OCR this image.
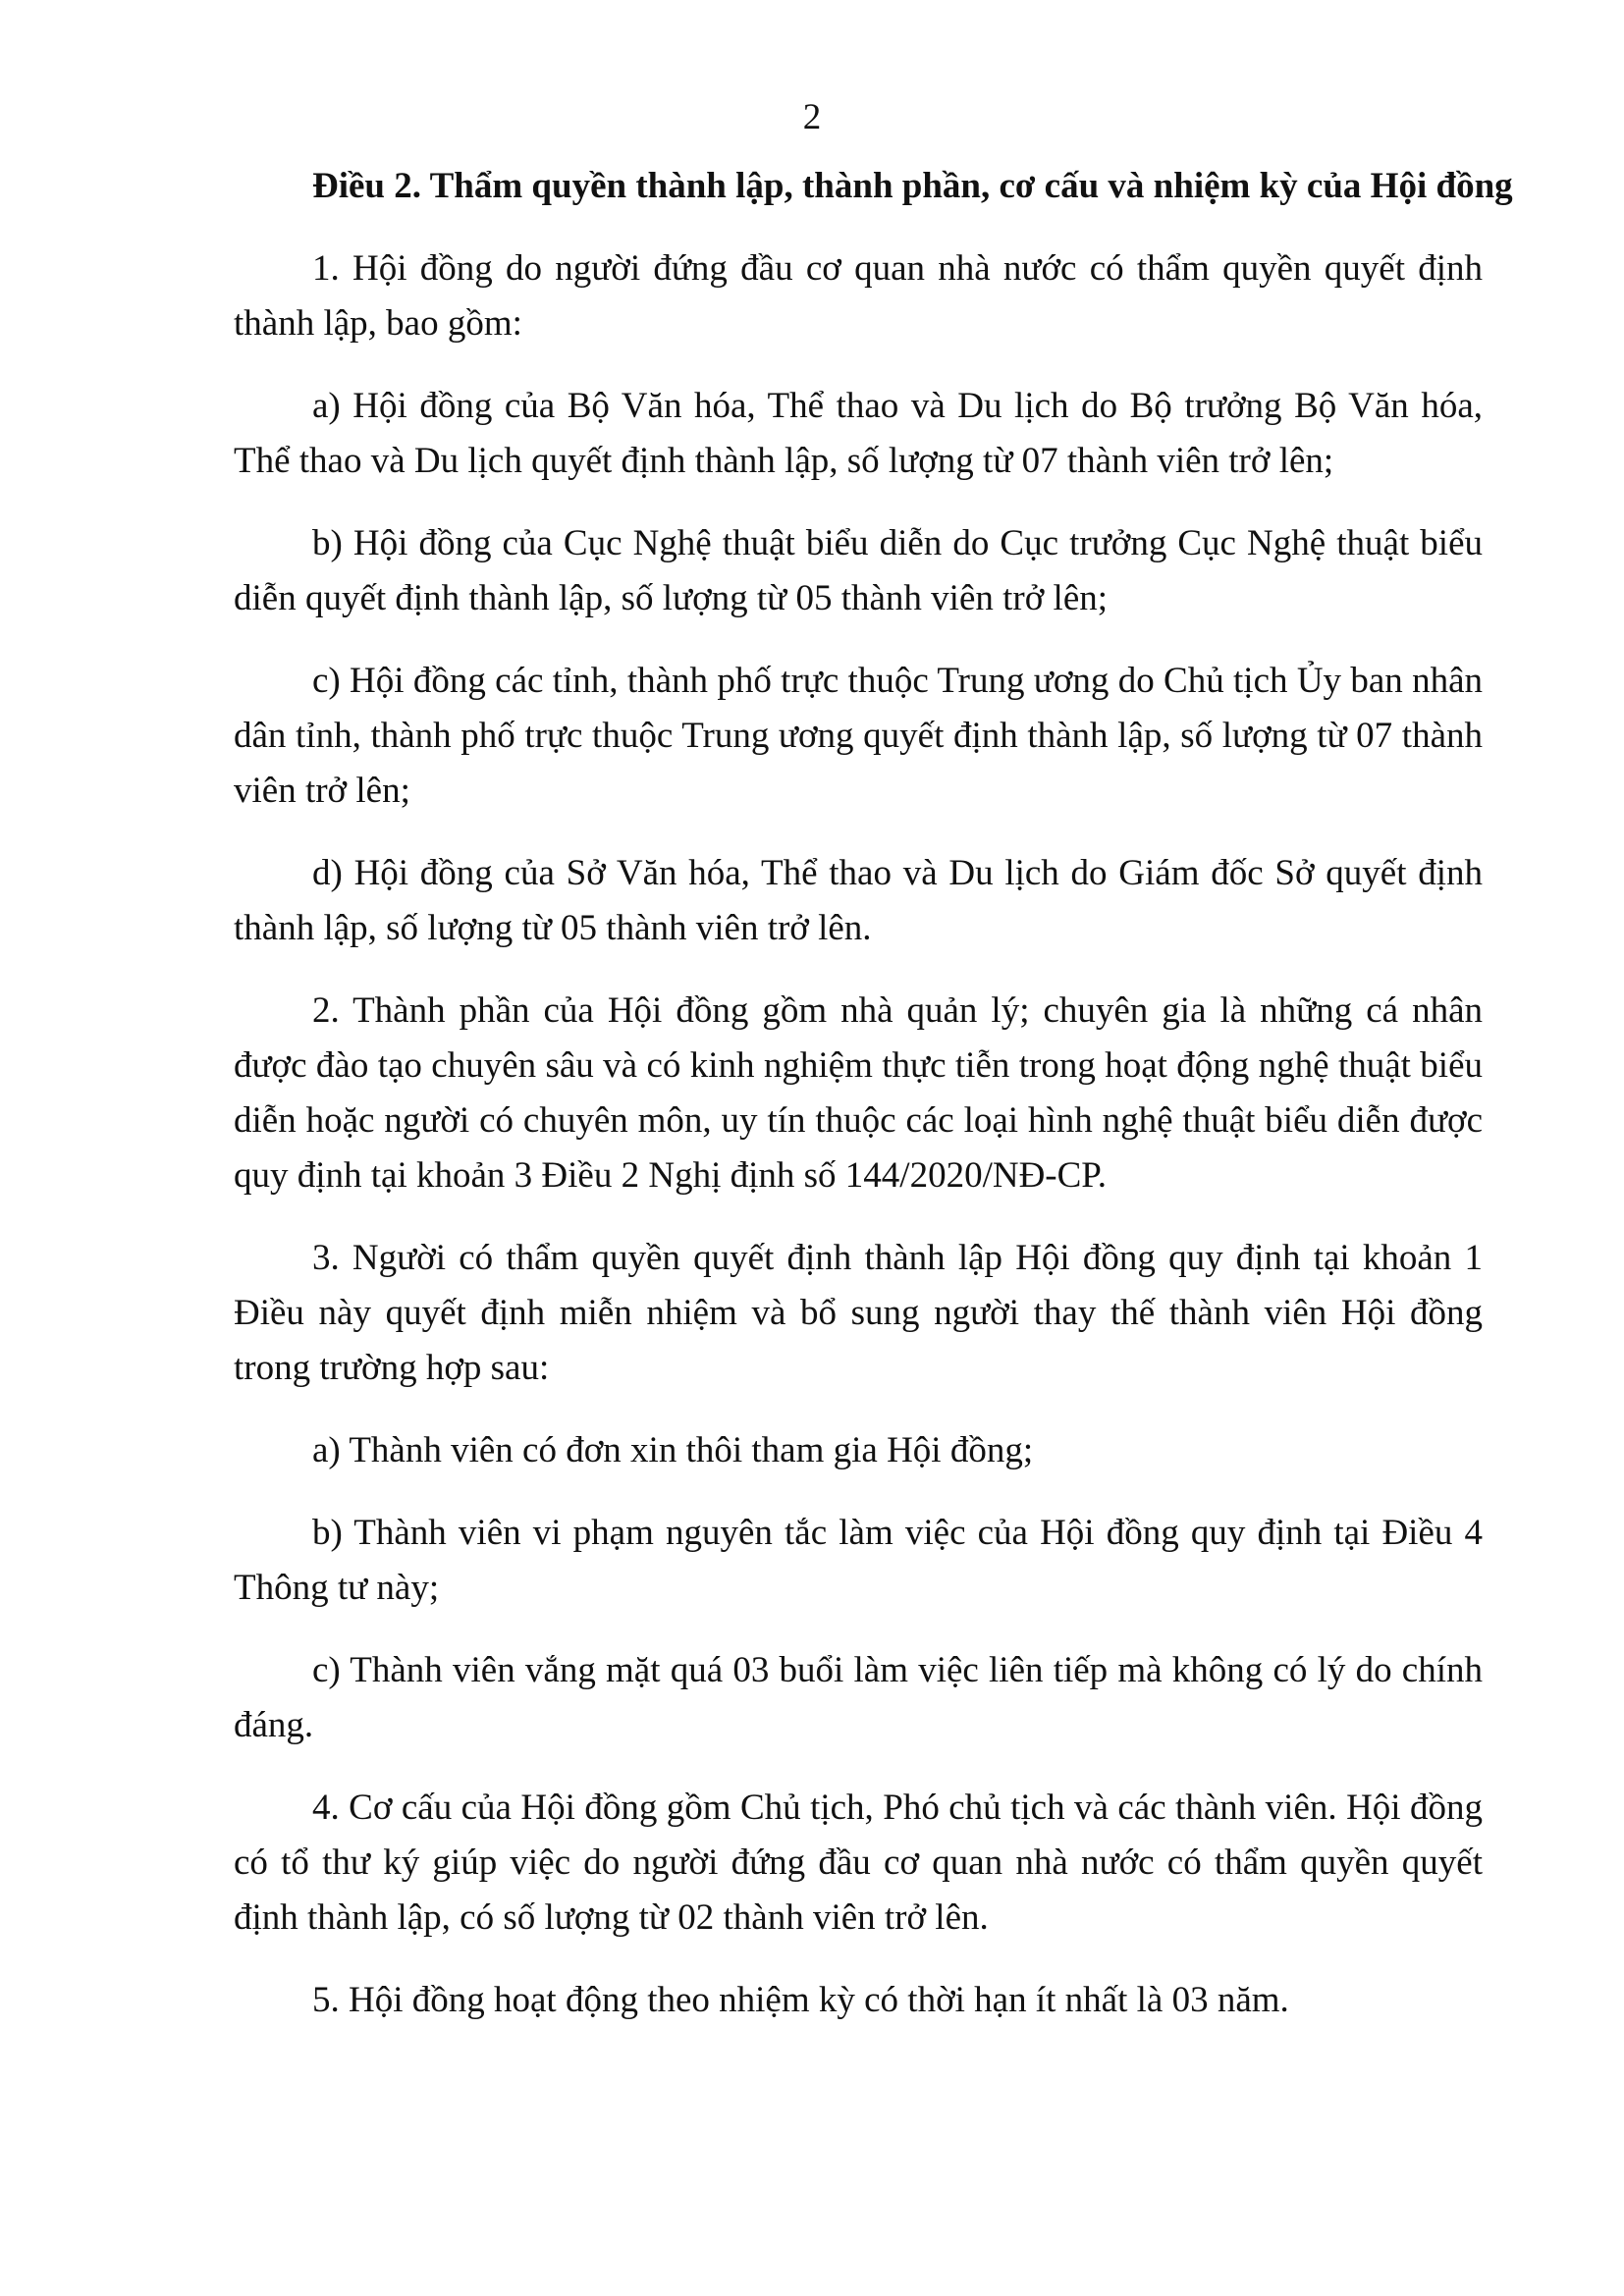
2

Điều 2. Thẩm quyền thành lập, thành phần, cơ cấu và nhiệm kỳ của Hội đồng

1. Hội đồng do người đứng đầu cơ quan nhà nước có thẩm quyền quyết định thành lập, bao gồm:

a) Hội đồng của Bộ Văn hóa, Thể thao và Du lịch do Bộ trưởng Bộ Văn hóa, Thể thao và Du lịch quyết định thành lập, số lượng từ 07 thành viên trở lên;

b) Hội đồng của Cục Nghệ thuật biểu diễn do Cục trưởng Cục Nghệ thuật biểu diễn quyết định thành lập, số lượng từ 05 thành viên trở lên;

c) Hội đồng các tỉnh, thành phố trực thuộc Trung ương do Chủ tịch Ủy ban nhân dân tỉnh, thành phố trực thuộc Trung ương quyết định thành lập, số lượng từ 07 thành viên trở lên;

d) Hội đồng của Sở Văn hóa, Thể thao và Du lịch do Giám đốc Sở quyết định thành lập, số lượng từ 05 thành viên trở lên.

2. Thành phần của Hội đồng gồm nhà quản lý; chuyên gia là những cá nhân được đào tạo chuyên sâu và có kinh nghiệm thực tiễn trong hoạt động nghệ thuật biểu diễn hoặc người có chuyên môn, uy tín thuộc các loại hình nghệ thuật biểu diễn được quy định tại khoản 3 Điều 2 Nghị định số 144/2020/NĐ-CP.

3. Người có thẩm quyền quyết định thành lập Hội đồng quy định tại khoản 1 Điều này quyết định miễn nhiệm và bổ sung người thay thế thành viên Hội đồng trong trường hợp sau:

a) Thành viên có đơn xin thôi tham gia Hội đồng;

b) Thành viên vi phạm nguyên tắc làm việc của Hội đồng quy định tại Điều 4 Thông tư này;

c) Thành viên vắng mặt quá 03 buổi làm việc liên tiếp mà không có lý do chính đáng.

4. Cơ cấu của Hội đồng gồm Chủ tịch, Phó chủ tịch và các thành viên. Hội đồng có tổ thư ký giúp việc do người đứng đầu cơ quan nhà nước có thẩm quyền quyết định thành lập, có số lượng từ 02 thành viên trở lên.

5. Hội đồng hoạt động theo nhiệm kỳ có thời hạn ít nhất là 03 năm.
